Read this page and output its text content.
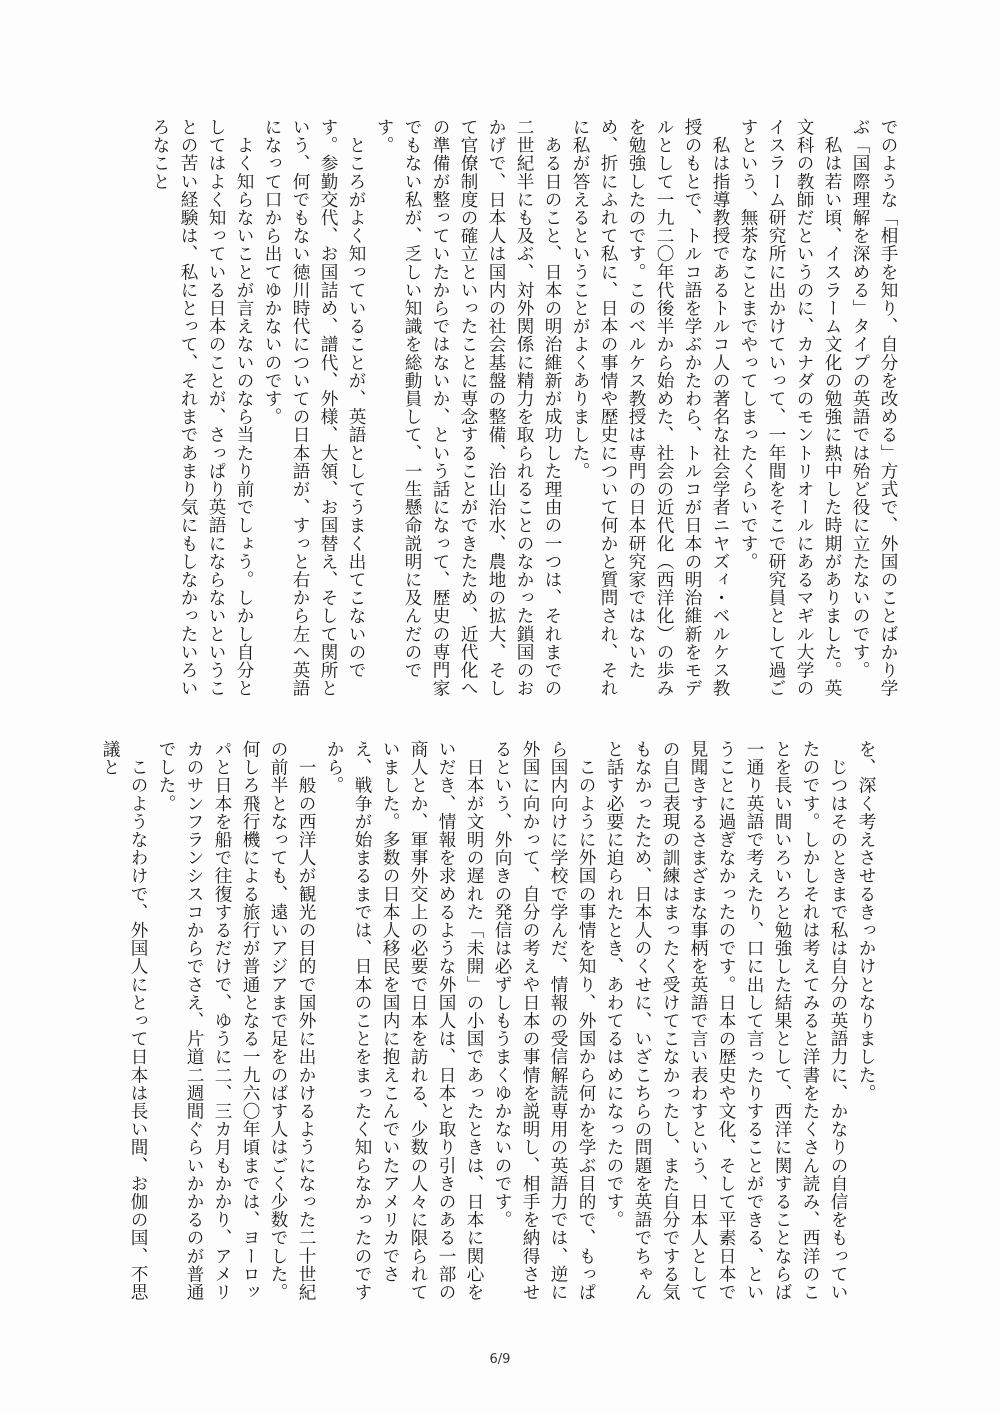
でのような「相手を知り、自分を改める」方式で、外国のことばかり学ぶ「国際理解を深める」タイプの英語では殆ど役に立たないのです。

　私は若い頃、イスラーム文化の勉強に熱中した時期がありました。英文科の教師だというのに、カナダのモントリオールにあるマギル大学のイスラーム研究所に出かけていって、一年間をそこで研究員として過ごすという、無茶なことまでやってしまったくらいです。

　私は指導教授であるトルコ人の著名な社会学者ニヤズィ・ベルケス教授のもとで、トルコ語を学ぶかたわら、トルコが日本の明治維新をモデルとして一九二〇年代後半から始めた、社会の近代化（西洋化）の歩みを勉強したのです。このベルケス教授は専門の日本研究家ではないため、折にふれて私に、日本の事情や歴史について何かと質問され、それに私が答えるということがよくありました。

　ある日のこと、日本の明治維新が成功した理由の一つは、それまでの二世紀半にも及ぶ、対外関係に精力を取られることのなかった鎖国のおかげで、日本人は国内の社会基盤の整備、治山治水、農地の拡大、そして官僚制度の確立といったことに専念することができたため、近代化への準備が整っていたからではないか、という話になって、歴史の専門家でもない私が、乏しい知識を総動員して、一生懸命説明に及んだのです。

　ところがよく知っていることが、英語としてうまく出てこないのです。参勤交代、お国詰め、譜代、外様、大領、お国替え、そして関所という、何でもない徳川時代についての日本語が、すっと右から左へ英語になって口から出てゆかないのです。

　よく知らないことが言えないのなら当たり前でしょう。しかし自分としてはよく知っている日本のことが、さっぱり英語にならないということの苦い経験は、私にとって、それまであまり気にもしなかったいろいろなこと

を、深く考えさせるきっかけとなりました。

　じつはそのときまで私は自分の英語力に、かなりの自信をもっていたのです。しかしそれは考えてみると洋書をたくさん読み、西洋のことを長い間いろいろと勉強した結果として、西洋に関することならば一通り英語で考えたり、口に出して言ったりすることができる、ということに過ぎなかったのです。日本の歴史や文化、そして平素日本で見聞きするさまざまな事柄を英語で言い表わすという、日本人としての自己表現の訓練はまったく受けてこなかったし、また自分でする気もなかったため、日本人のくせに、いざこちらの問題を英語でちゃんと話す必要に迫られたとき、あわてるはめになったのです。

　このように外国の事情を知り、外国から何かを学ぶ目的で、もっぱら国内向けに学校で学んだ、情報の受信解読専用の英語力では、逆に外国に向かって、自分の考えや日本の事情を説明し、相手を納得させるという、外向きの発信は必ずしもうまくゆかないのです。

　日本が文明の遅れた「未開」の小国であったときは、日本に関心をいだき、情報を求めるような外国人は、日本と取り引きのある一部の商人とか、軍事外交上の必要で日本を訪れる、少数の人々に限られていました。多数の日本人移民を国内に抱えこんでいたアメリカでさえ、戦争が始まるまでは、日本のことをまったく知らなかったのですから。

　一般の西洋人が観光の目的で国外に出かけるようになった二十世紀の前半となっても、遠いアジアまで足をのばす人はごく少数でした。何しろ飛行機による旅行が普通となる一九六〇年頃までは、ヨーロッパと日本を船で往復するだけで、ゆうに二、三カ月もかかり、アメリカのサンフランシスコからでさえ、片道二週間ぐらいかかるのが普通でした。

　このようなわけで、外国人にとって日本は長い間、お伽の国、不思議と

6/9
